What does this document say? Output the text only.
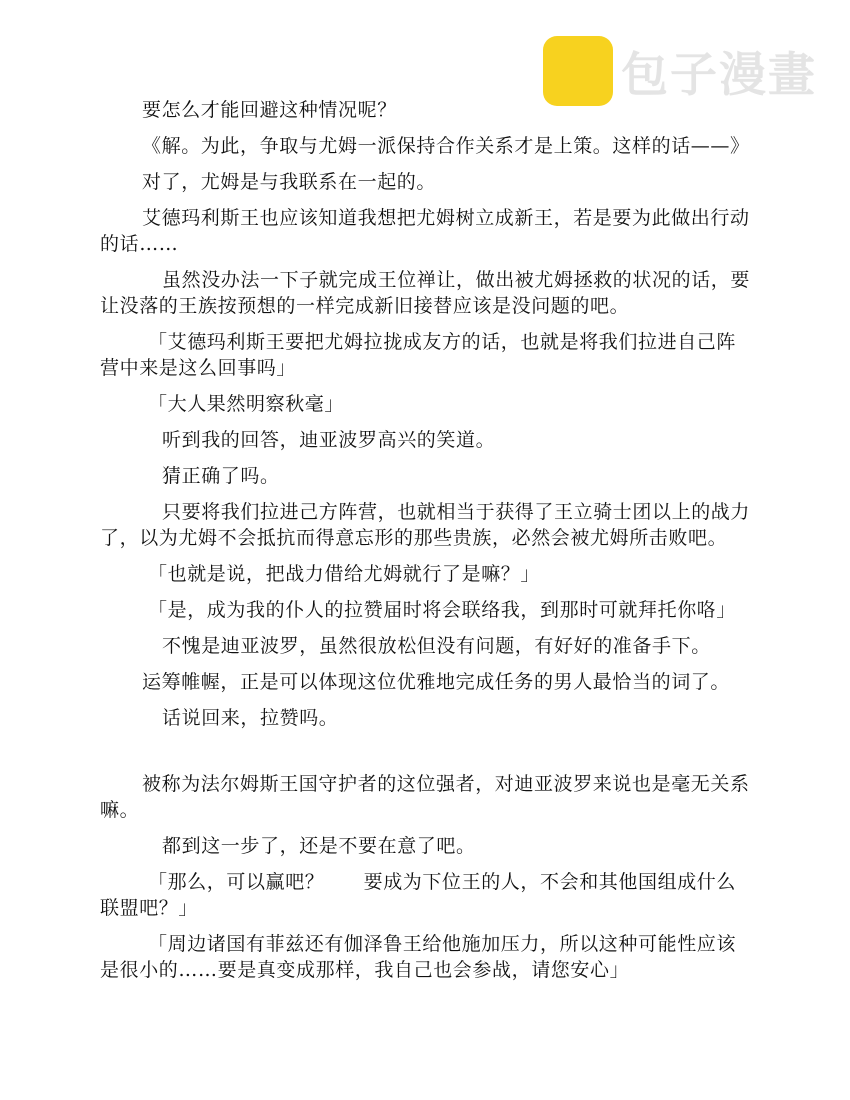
包子漫畫

要怎么才能回避这种情况呢？

《解。为此，争取与尤姆一派保持合作关系才是上策。这样的话——》

对了，尤姆是与我联系在一起的。

艾德玛利斯王也应该知道我想把尤姆树立成新王，若是要为此做出行动的话……

虽然没办法一下子就完成王位禅让，做出被尤姆拯救的状况的话，要让没落的王族按预想的一样完成新旧接替应该是没问题的吧。

「艾德玛利斯王要把尤姆拉拢成友方的话，也就是将我们拉进自己阵营中来是这么回事吗」

「大人果然明察秋毫」

听到我的回答，迪亚波罗高兴的笑道。

猜正确了吗。

只要将我们拉进己方阵营，也就相当于获得了王立骑士团以上的战力了，以为尤姆不会抵抗而得意忘形的那些贵族，必然会被尤姆所击败吧。

「也就是说，把战力借给尤姆就行了是嘛？」

「是，成为我的仆人的拉赞届时将会联络我，到那时可就拜托你咯」

不愧是迪亚波罗，虽然很放松但没有问题，有好好的准备手下。

运筹帷幄，正是可以体现这位优雅地完成任务的男人最恰当的词了。

话说回来，拉赞吗。

被称为法尔姆斯王国守护者的这位强者，对迪亚波罗来说也是毫无关系嘛。

都到这一步了，还是不要在意了吧。

「那么，可以赢吧？　　要成为下位王的人，不会和其他国组成什么联盟吧？」

「周边诸国有菲兹还有伽泽鲁王给他施加压力，所以这种可能性应该是很小的……要是真变成那样，我自己也会参战，请您安心」
